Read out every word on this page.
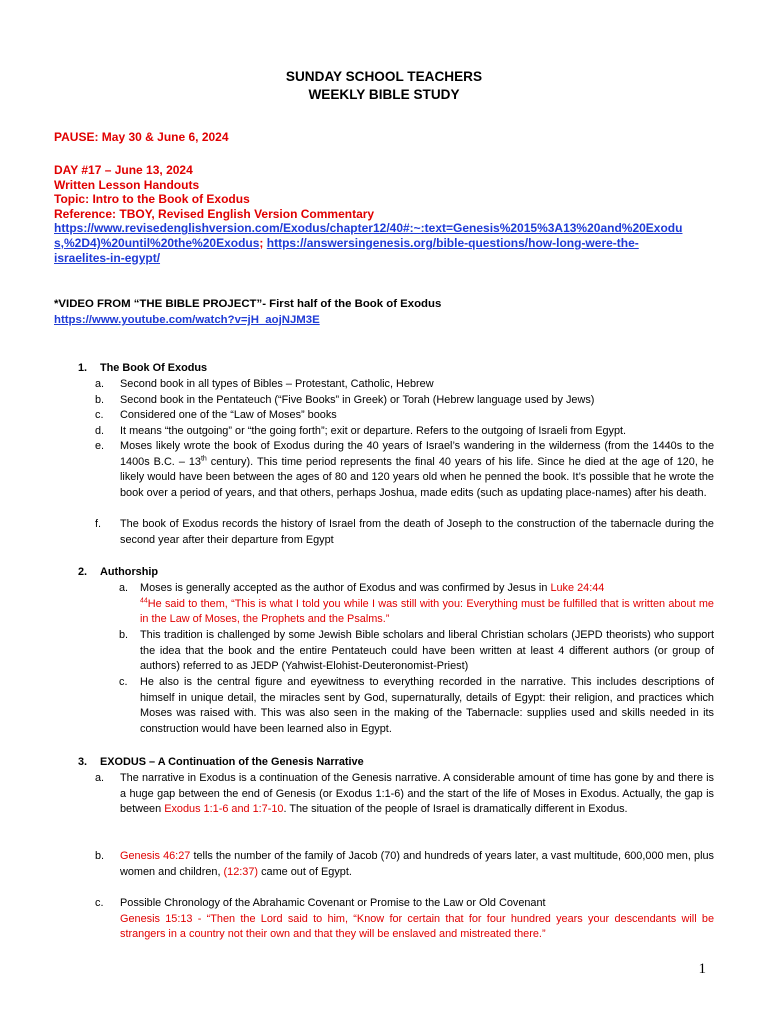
SUNDAY SCHOOL TEACHERS
WEEKLY BIBLE STUDY
PAUSE: May 30 & June 6, 2024
DAY #17 – June 13, 2024
Written Lesson Handouts
Topic: Intro to the Book of Exodus
Reference: TBOY, Revised English Version Commentary
https://www.revisedenglishversion.com/Exodus/chapter12/40#:~:text=Genesis%2015%3A13%20and%20Exodu
s,%2D4)%20until%20the%20Exodus; https://answersingenesis.org/bible-questions/how-long-were-the-
israelites-in-egypt/
*VIDEO FROM “THE BIBLE PROJECT”- First half of the Book of Exodus
https://www.youtube.com/watch?v=jH_aojNJM3E
1. The Book Of Exodus
a. Second book in all types of Bibles – Protestant, Catholic, Hebrew
b. Second book in the Pentateuch (“Five Books” in Greek) or Torah (Hebrew language used by Jews)
c. Considered one of the “Law of Moses” books
d. It means “the outgoing” or “the going forth”; exit or departure. Refers to the outgoing of Israeli from Egypt.
e. Moses likely wrote the book of Exodus during the 40 years of Israel’s wandering in the wilderness (from the 1440s to the 1400s B.C. – 13th century). This time period represents the final 40 years of his life. Since he died at the age of 120, he likely would have been between the ages of 80 and 120 years old when he penned the book. It’s possible that he wrote the book over a period of years, and that others, perhaps Joshua, made edits (such as updating place-names) after his death.
f. The book of Exodus records the history of Israel from the death of Joseph to the construction of the tabernacle during the second year after their departure from Egypt
2. Authorship
a. Moses is generally accepted as the author of Exodus and was confirmed by Jesus in Luke 24:44
$^{44}$He said to them, “This is what I told you while I was still with you: Everything must be fulfilled that is written about me in the Law of Moses, the Prophets and the Psalms.”
b. This tradition is challenged by some Jewish Bible scholars and liberal Christian scholars (JEPD theorists) who support the idea that the book and the entire Pentateuch could have been written at least 4 different authors (or group of authors) referred to as JEDP (Yahwist-Elohist-Deuteronomist-Priest)
c. He also is the central figure and eyewitness to everything recorded in the narrative. This includes descriptions of himself in unique detail, the miracles sent by God, supernaturally, details of Egypt: their religion, and practices which Moses was raised with. This was also seen in the making of the Tabernacle: supplies used and skills needed in its construction would have been learned also in Egypt.
3. EXODUS – A Continuation of the Genesis Narrative
a. The narrative in Exodus is a continuation of the Genesis narrative. A considerable amount of time has gone by and there is a huge gap between the end of Genesis (or Exodus 1:1-6) and the start of the life of Moses in Exodus. Actually, the gap is between Exodus 1:1-6 and 1:7-10. The situation of the people of Israel is dramatically different in Exodus.
b. Genesis 46:27 tells the number of the family of Jacob (70) and hundreds of years later, a vast multitude, 600,000 men, plus women and children, (12:37) came out of Egypt.
c. Possible Chronology of the Abrahamic Covenant or Promise to the Law or Old Covenant
Genesis 15:13 - “Then the Lord said to him, “Know for certain that for four hundred years your descendants will be strangers in a country not their own and that they will be enslaved and mistreated there.”
1
